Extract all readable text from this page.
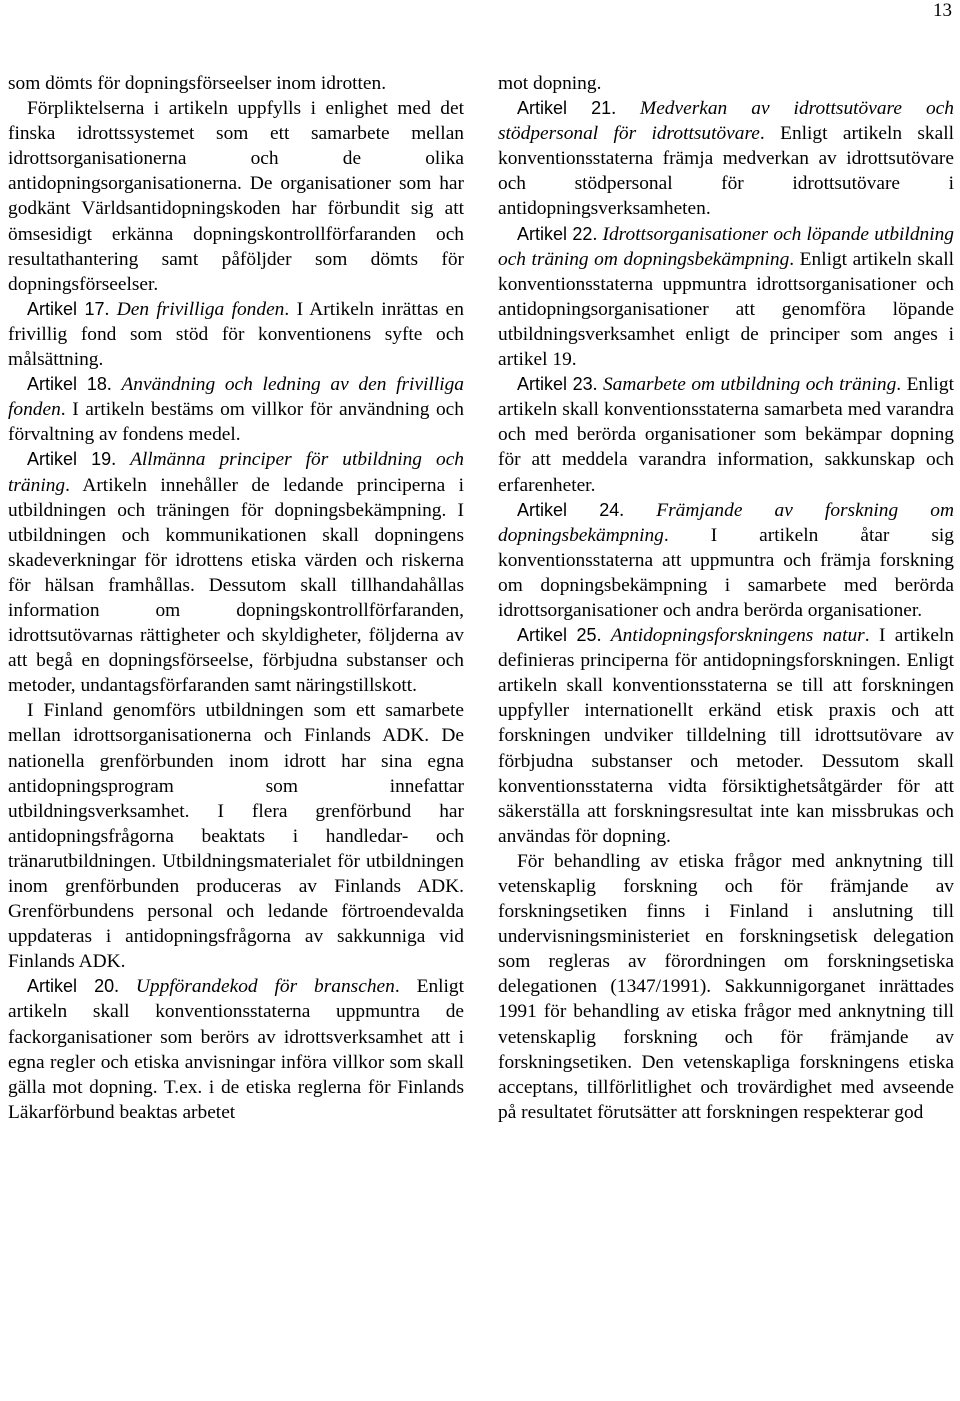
13

som dömts för dopningsförseelser inom idrotten.

Förpliktelserna i artikeln uppfylls i enlighet med det finska idrottssystemet som ett samarbete mellan idrottsorganisationerna och de olika antidopningsorganisationerna. De organisationer som har godkänt Världsantidopningskoden har förbundit sig att ömsesidigt erkänna dopningskontrollförfaranden och resultathantering samt påföljder som dömts för dopningsförseelser.

Artikel 17. Den frivilliga fonden. I Artikeln inrättas en frivillig fond som stöd för konventionens syfte och målsättning.

Artikel 18. Användning och ledning av den frivilliga fonden. I artikeln bestäms om villkor för användning och förvaltning av fondens medel.

Artikel 19. Allmänna principer för utbildning och träning. Artikeln innehåller de ledande principerna i utbildningen och träningen för dopningsbekämpning. I utbildningen och kommunikationen skall dopningens skadeverkningar för idrottens etiska värden och riskerna för hälsan framhållas. Dessutom skall tillhandahållas information om dopningskontrollförfaranden, idrottsutövarnas rättigheter och skyldigheter, följderna av att begå en dopningsförseelse, förbjudna substanser och metoder, undantagsförfaranden samt näringstillskott.

I Finland genomförs utbildningen som ett samarbete mellan idrottsorganisationerna och Finlands ADK. De nationella grenförbunden inom idrott har sina egna antidopningsprogram som innefattar utbildningsverksamhet. I flera grenförbund har antidopningsfrågorna beaktats i handledar- och tränarutbildningen. Utbildningsmaterialet för utbildningen inom grenförbunden produceras av Finlands ADK. Grenförbundens personal och ledande förtroendevalda uppdateras i antidopningsfrågorna av sakkunniga vid Finlands ADK.

Artikel 20. Uppförandekod för branschen. Enligt artikeln skall konventionsstaterna uppmuntra de fackorganisationer som berörs av idrottsverksamhet att i egna regler och etiska anvisningar införa villkor som skall gälla mot dopning. T.ex. i de etiska reglerna för Finlands Läkarförbund beaktas arbetet

mot dopning.

Artikel 21. Medverkan av idrottsutövare och stödpersonal för idrottsutövare. Enligt artikeln skall konventionsstaterna främja medverkan av idrottsutövare och stödpersonal för idrottsutövare i antidopningsverksamheten.

Artikel 22. Idrottsorganisationer och löpande utbildning och träning om dopningsbekämpning. Enligt artikeln skall konventionsstaterna uppmuntra idrottsorganisationer och antidopningsorganisationer att genomföra löpande utbildningsverksamhet enligt de principer som anges i artikel 19.

Artikel 23. Samarbete om utbildning och träning. Enligt artikeln skall konventionsstaterna samarbeta med varandra och med berörda organisationer som bekämpar dopning för att meddela varandra information, sakkunskap och erfarenheter.

Artikel 24. Främjande av forskning om dopningsbekämpning. I artikeln åtar sig konventionsstaterna att uppmuntra och främja forskning om dopningsbekämpning i samarbete med berörda idrottsorganisationer och andra berörda organisationer.

Artikel 25. Antidopningsforskningens natur. I artikeln definieras principerna för antidopningsforskningen. Enligt artikeln skall konventionsstaterna se till att forskningen uppfyller internationellt erkänd etisk praxis och att forskningen undviker tilldelning till idrottsutövare av förbjudna substanser och metoder. Dessutom skall konventionsstaterna vidta försiktighetsåtgärder för att säkerställa att forskningsresultat inte kan missbrukas och användas för dopning.

För behandling av etiska frågor med anknytning till vetenskaplig forskning och för främjande av forskningsetiken finns i Finland i anslutning till undervisningsministeriet en forskningsetisk delegation som regleras av förordningen om forskningsetiska delegationen (1347/1991). Sakkunnigorganet inrättades 1991 för behandling av etiska frågor med anknytning till vetenskaplig forskning och för främjande av forskningsetiken. Den vetenskapliga forskningens etiska acceptans, tillförlitlighet och trovärdighet med avseende på resultatet förutsätter att forskningen respekterar god
